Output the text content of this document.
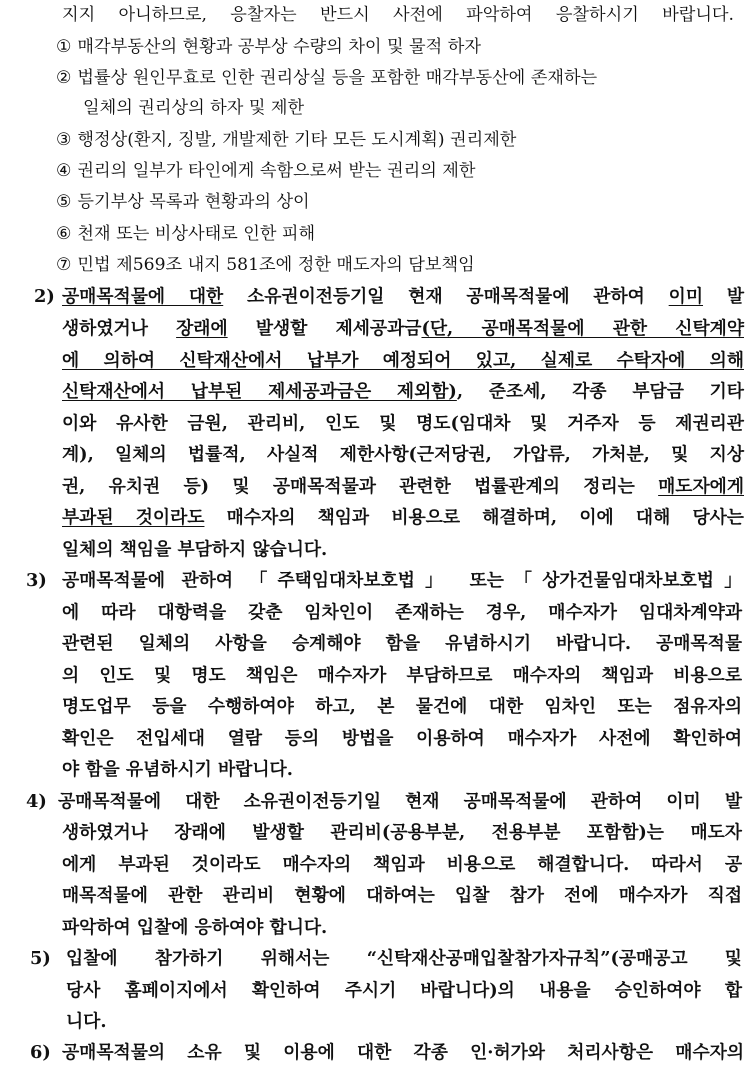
지지 아니하므로, 응찰자는 반드시 사전에 파악하여 응찰하시기 바랍니다.
① 매각부동산의 현황과 공부상 수량의 차이 및 물적 하자
② 법률상 원인무효로 인한 권리상실 등을 포함한 매각부동산에 존재하는
일체의 권리상의 하자 및 제한
③ 행정상(환지, 징발, 개발제한 기타 모든 도시계획) 권리제한
④ 권리의 일부가 타인에게 속함으로써 받는 권리의 제한
⑤ 등기부상 목록과 현황과의 상이
⑥ 천재 또는 비상사태로 인한 피해
⑦ 민법 제569조 내지 581조에 정한 매도자의 담보책임
2) 공매목적물에 대한 소유권이전등기일 현재 공매목적물에 관하여 이미 발
생하였거나 장래에 발생할 제세공과금(단, 공매목적물에 관한 신탁계약
에 의하여 신탁재산에서 납부가 예정되어 있고, 실제로 수탁자에 의해
신탁재산에서 납부된 제세공과금은 제외함), 준조세, 각종 부담금 기타
이와 유사한 금원, 관리비, 인도 및 명도(임대차 및 거주자 등 제권리관
계), 일체의 법률적, 사실적 제한사항(근저당권, 가압류, 가처분, 및 지상
권, 유치권 등) 및 공매목적물과 관련한 법률관계의 정리는 매도자에게
부과된 것이라도 매수자의 책임과 비용으로 해결하며, 이에 대해 당사는
일체의 책임을 부담하지 않습니다.
3) 공매목적물에 관하여 「주택임대차보호법」 또는「상가건물임대차보호법」
에 따라 대항력을 갖춘 임차인이 존재하는 경우, 매수자가 임대차계약과
관련된 일체의 사항을 승계해야 함을 유념하시기 바랍니다. 공매목적물
의 인도 및 명도 책임은 매수자가 부담하므로 매수자의 책임과 비용으로
명도업무 등을 수행하여야 하고, 본 물건에 대한 임차인 또는 점유자의
확인은 전입세대 열람 등의 방법을 이용하여 매수자가 사전에 확인하여
야 함을 유념하시기 바랍니다.
4) 공매목적물에 대한 소유권이전등기일 현재 공매목적물에 관하여 이미 발
생하였거나 장래에 발생할 관리비(공용부분, 전용부분 포함함)는 매도자
에게 부과된 것이라도 매수자의 책임과 비용으로 해결합니다. 따라서 공
매목적물에 관한 관리비 현황에 대하여는 입찰 참가 전에 매수자가 직접
파악하여 입찰에 응하여야 합니다.
5) 입찰에 참가하기 위해서는 “신탁재산공매입찰참가자규칙”(공매공고 및
당사 홈페이지에서 확인하여 주시기 바랍니다)의 내용을 승인하여야 합
니다.
6) 공매목적물의 소유 및 이용에 대한 각종 인·허가와 처리사항은 매수자의
